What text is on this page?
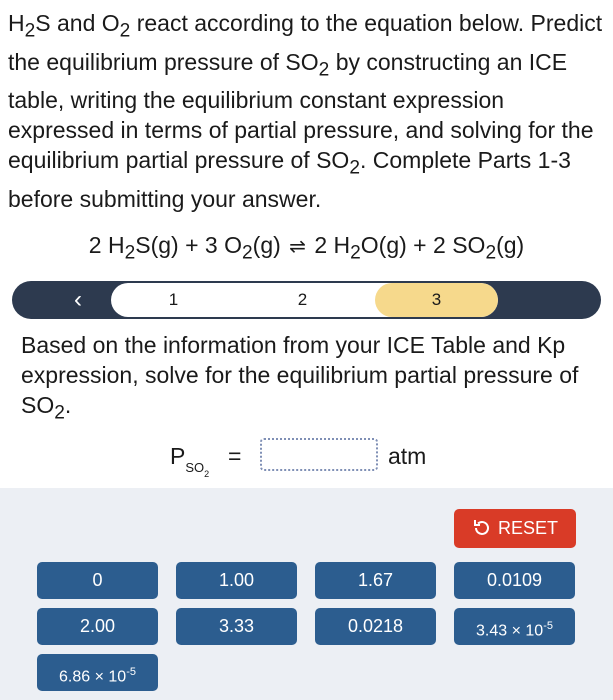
$H_2S$ and $O_2$ react according to the equation below. Predict the equilibrium pressure of $SO_2$ by constructing an ICE table, writing the equilibrium constant expression expressed in terms of partial pressure, and solving for the equilibrium partial pressure of $SO_2$. Complete Parts 1-3 before submitting your answer.

2 $H_2S(g) + 3$ $O_2(g)$ ⇌ 2 $H_2O(g) + 2$ $SO_2(g)$
‹	1	2	3
Based on the information from your ICE Table and Kp expression, solve for the equilibrium partial pressure of $SO_2$.
$P_{SO_2}$
=	atm
RESET
0	1.00	1.67	0.0109
2.00	3.33	0.0218	$3.43 \times 10^{-5}$
$6.86 \times 10^{-5}$
